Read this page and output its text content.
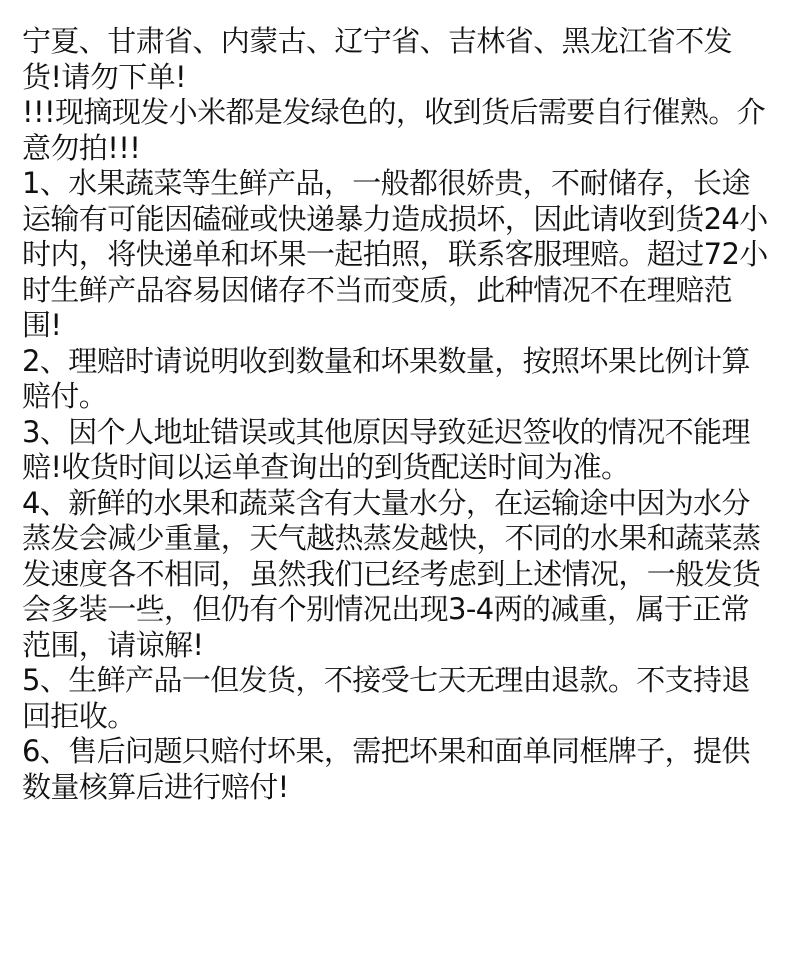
宁夏、甘肃省、内蒙古、辽宁省、吉林省、黑龙江省不发货!请勿下单!

!!!现摘现发小米都是发绿色的，收到货后需要自行催熟。介意勿拍!!!

1、水果蔬菜等生鲜产品，一般都很娇贵，不耐储存，长途运输有可能因磕碰或快递暴力造成损坏，因此请收到货24小时内，将快递单和坏果一起拍照，联系客服理赔。超过72小时生鲜产品容易因储存不当而变质，此种情况不在理赔范围!

2、理赔时请说明收到数量和坏果数量，按照坏果比例计算赔付。

3、因个人地址错误或其他原因导致延迟签收的情况不能理赔!收货时间以运单查询出的到货配送时间为准。

4、新鲜的水果和蔬菜含有大量水分，在运输途中因为水分蒸发会减少重量，天气越热蒸发越快，不同的水果和蔬菜蒸发速度各不相同，虽然我们已经考虑到上述情况，一般发货会多装一些，但仍有个别情况出现3-4两的减重，属于正常范围，请谅解!

5、生鲜产品一但发货，不接受七天无理由退款。不支持退回拒收。

6、售后问题只赔付坏果，需把坏果和面单同框牌子，提供数量核算后进行赔付!
